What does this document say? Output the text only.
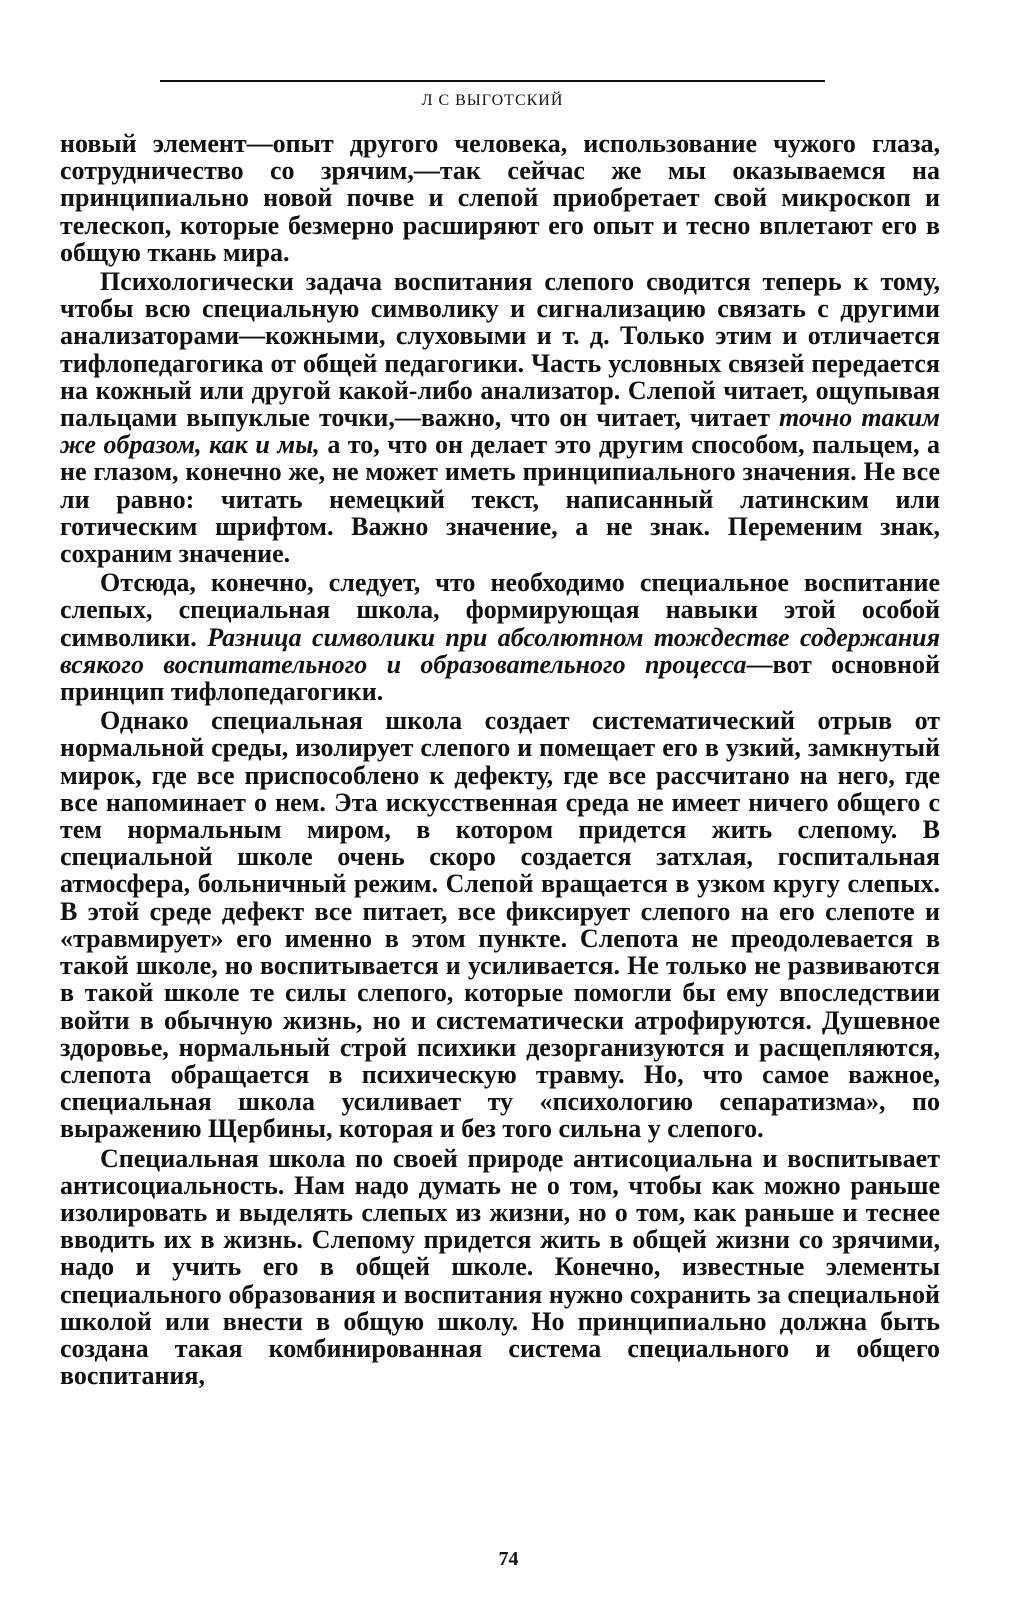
Л С ВЫГОТСКИЙ

новый элемент—опыт другого человека, использование чужого глаза, сотрудничество со зрячим,—так сейчас же мы оказываемся на принципиально новой почве и слепой приобретает свой микроскоп и телескоп, которые безмерно расширяют его опыт и тесно вплетают его в общую ткань мира.

Психологически задача воспитания слепого сводится теперь к тому, чтобы всю специальную символику и сигнализацию связать с другими анализаторами—кожными, слуховыми и т. д. Только этим и отличается тифлопедагогика от общей педагогики. Часть условных связей передается на кожный или другой какой-либо анализатор. Слепой читает, ощупывая пальцами выпуклые точки,—важно, что он читает, читает точно таким же образом, как и мы, а то, что он делает это другим способом, пальцем, а не глазом, конечно же, не может иметь принципиального значения. Не все ли равно: читать немецкий текст, написанный латинским или готическим шрифтом. Важно значение, а не знак. Переменим знак, сохраним значение.

Отсюда, конечно, следует, что необходимо специальное воспитание слепых, специальная школа, формирующая навыки этой особой символики. Разница символики при абсолютном тождестве содержания всякого воспитательного и образовательного процесса—вот основной принцип тифлопедагогики.

Однако специальная школа создает систематический отрыв от нормальной среды, изолирует слепого и помещает его в узкий, замкнутый мирок, где все приспособлено к дефекту, где все рассчитано на него, где все напоминает о нем. Эта искусственная среда не имеет ничего общего с тем нормальным миром, в котором придется жить слепому. В специальной школе очень скоро создается затхлая, госпитальная атмосфера, больничный режим. Слепой вращается в узком кругу слепых. В этой среде дефект все питает, все фиксирует слепого на его слепоте и «травмирует» его именно в этом пункте. Слепота не преодолевается в такой школе, но воспитывается и усиливается. Не только не развиваются в такой школе те силы слепого, которые помогли бы ему впоследствии войти в обычную жизнь, но и систематически атрофируются. Душевное здоровье, нормальный строй психики дезорганизуются и расщепляются, слепота обращается в психическую травму. Но, что самое важное, специальная школа усиливает ту «психологию сепаратизма», по выражению Щербины, которая и без того сильна у слепого.

Специальная школа по своей природе антисоциальна и воспитывает антисоциальность. Нам надо думать не о том, чтобы как можно раньше изолировать и выделять слепых из жизни, но о том, как раньше и теснее вводить их в жизнь. Слепому придется жить в общей жизни со зрячими, надо и учить его в общей школе. Конечно, известные элементы специального образования и воспитания нужно сохранить за специальной школой или внести в общую школу. Но принципиально должна быть создана такая комбинированная система специального и общего воспитания,

74
